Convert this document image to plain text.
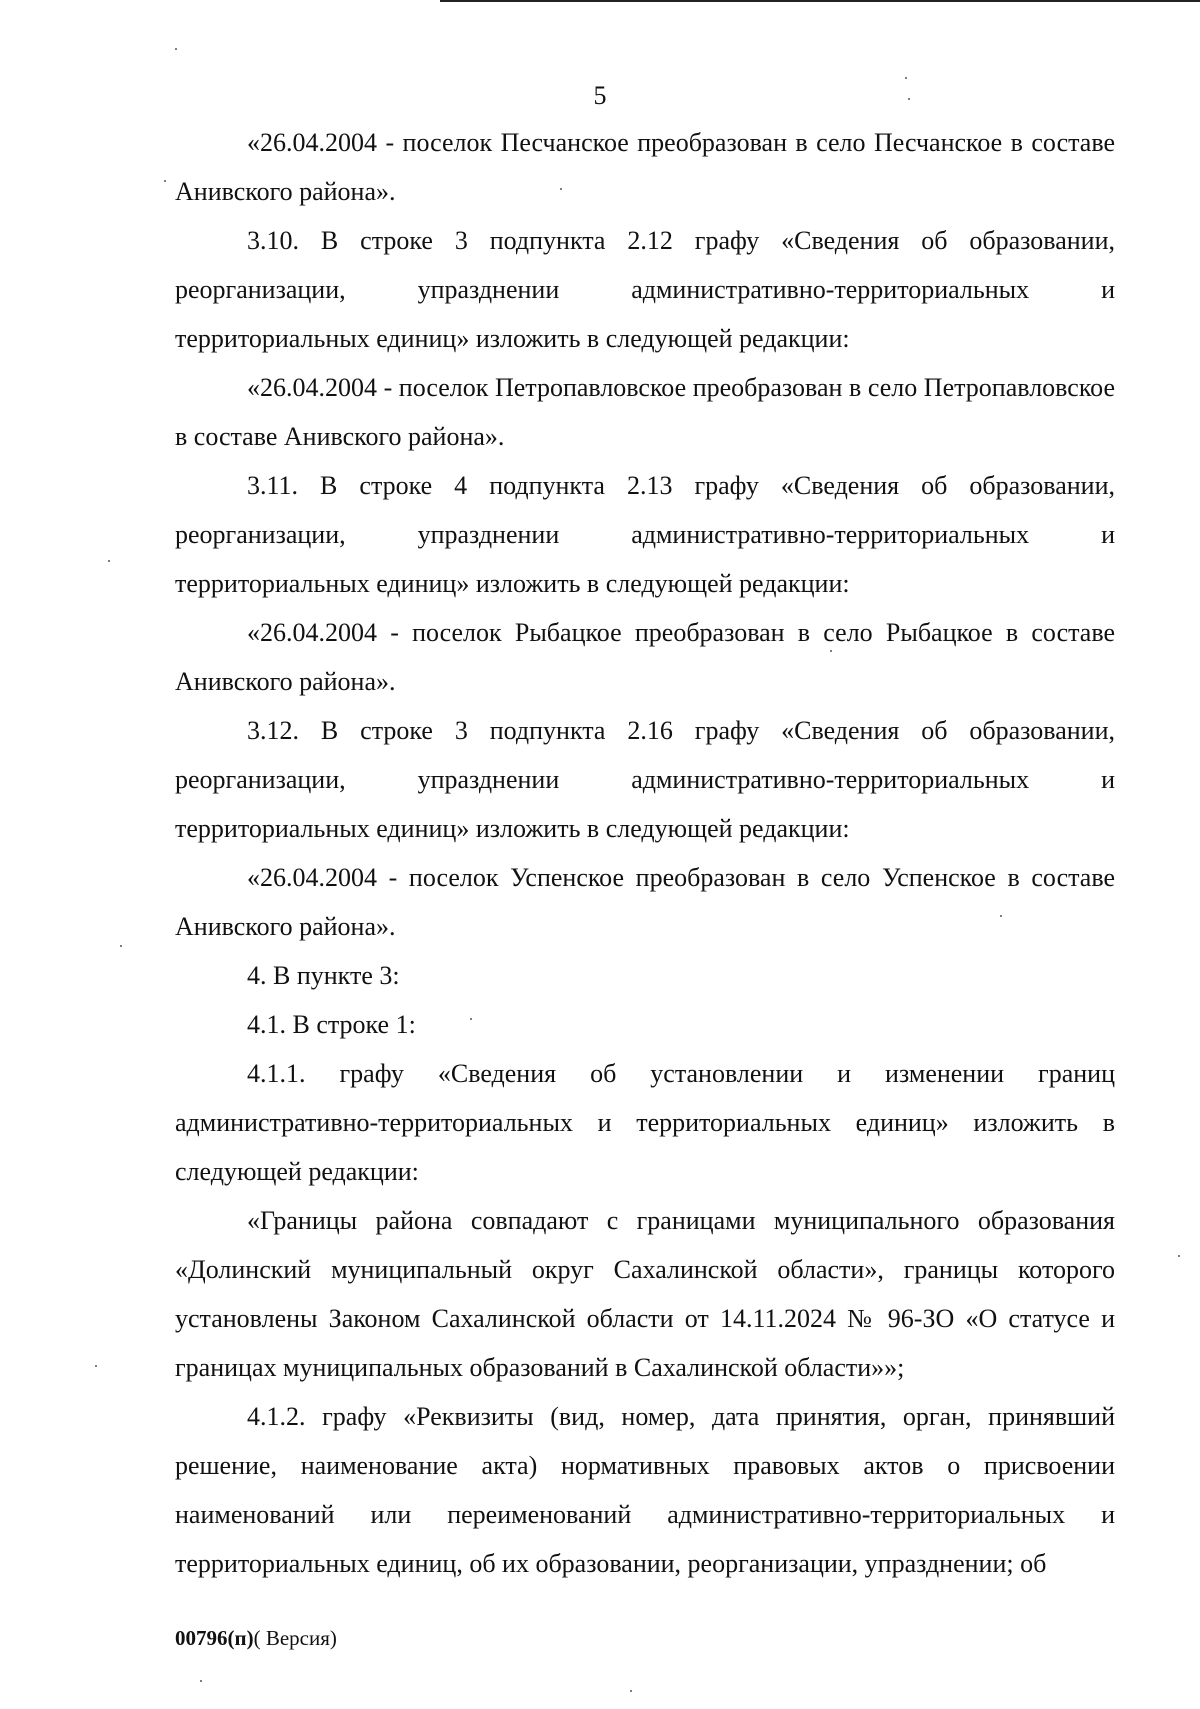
5

«26.04.2004 - поселок Песчанское преобразован в село Песчанское в составе Анивского района».

3.10. В строке 3 подпункта 2.12 графу «Сведения об образовании, реорганизации, упразднении административно-территориальных и территориальных единиц» изложить в следующей редакции:

«26.04.2004 - поселок Петропавловское преобразован в село Петропавловское в составе Анивского района».

3.11. В строке 4 подпункта 2.13 графу «Сведения об образовании, реорганизации, упразднении административно-территориальных и территориальных единиц» изложить в следующей редакции:

«26.04.2004 - поселок Рыбацкое преобразован в село Рыбацкое в составе Анивского района».

3.12. В строке 3 подпункта 2.16 графу «Сведения об образовании, реорганизации, упразднении административно-территориальных и территориальных единиц» изложить в следующей редакции:

«26.04.2004 - поселок Успенское преобразован в село Успенское в составе Анивского района».

4. В пункте 3:

4.1. В строке 1:

4.1.1. графу «Сведения об установлении и изменении границ административно-территориальных и территориальных единиц» изложить в следующей редакции:

«Границы района совпадают с границами муниципального образования «Долинский муниципальный округ Сахалинской области», границы которого установлены Законом Сахалинской области от 14.11.2024 № 96-ЗО «О статусе и границах муниципальных образований в Сахалинской области»»;

4.1.2. графу «Реквизиты (вид, номер, дата принятия, орган, принявший решение, наименование акта) нормативных правовых актов о присвоении наименований или переименований административно-территориальных и территориальных единиц, об их образовании, реорганизации, упразднении; об

00796(п)( Версия)
